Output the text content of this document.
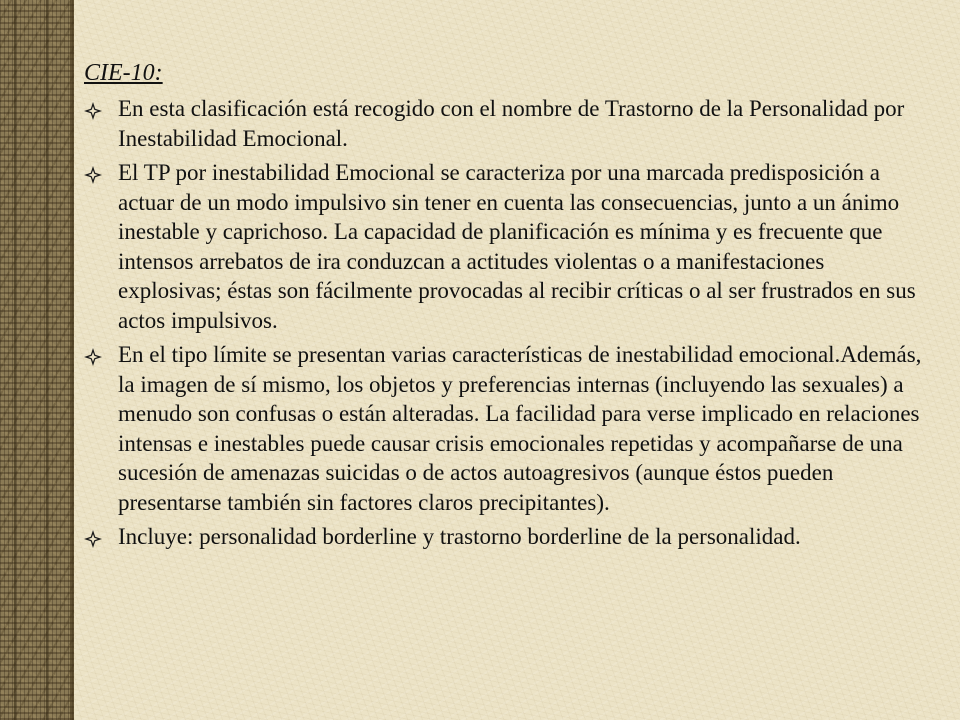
CIE-10:
En esta clasificación está recogido con el nombre de Trastorno de la Personalidad por Inestabilidad Emocional.
El TP por inestabilidad Emocional se caracteriza por una marcada predisposición a actuar de un modo impulsivo sin tener en cuenta las consecuencias, junto a un ánimo inestable y caprichoso. La capacidad de planificación es mínima y es frecuente que intensos arrebatos de ira conduzcan a actitudes violentas o a manifestaciones explosivas; éstas son fácilmente provocadas al recibir críticas o al ser frustrados en sus actos impulsivos.
En el tipo límite se presentan varias características de inestabilidad emocional.Además, la imagen de sí mismo, los objetos y preferencias internas (incluyendo las sexuales) a menudo son confusas o están alteradas. La facilidad para verse implicado en relaciones intensas e inestables puede causar crisis emocionales repetidas y acompañarse de una sucesión de amenazas suicidas o de actos autoagresivos (aunque éstos pueden presentarse también sin factores claros precipitantes).
Incluye: personalidad borderline y trastorno borderline de la personalidad.
